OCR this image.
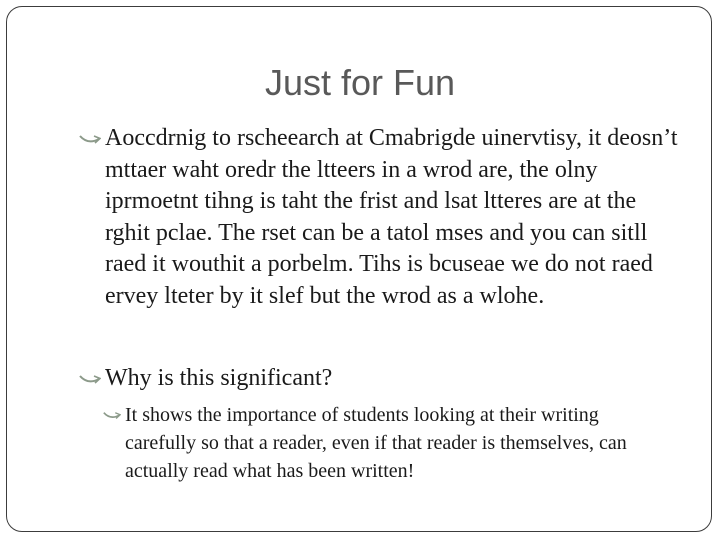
Just for Fun
Aoccdrnig to rscheearch at Cmabrigde uinervtisy, it deosn’t mttaer waht oredr the ltteers in a wrod are, the olny iprmoetnt tihng is taht the frist and lsat ltteres are at the rghit pclae. The rset can be a tatol mses and you can sitll raed it wouthit a porbelm. Tihs is bcuseae we do not raed ervey lteter by it slef but the wrod as a wlohe.
Why is this significant?
It shows the importance of students looking at their writing carefully so that a reader, even if that reader is themselves, can actually read what has been written!
